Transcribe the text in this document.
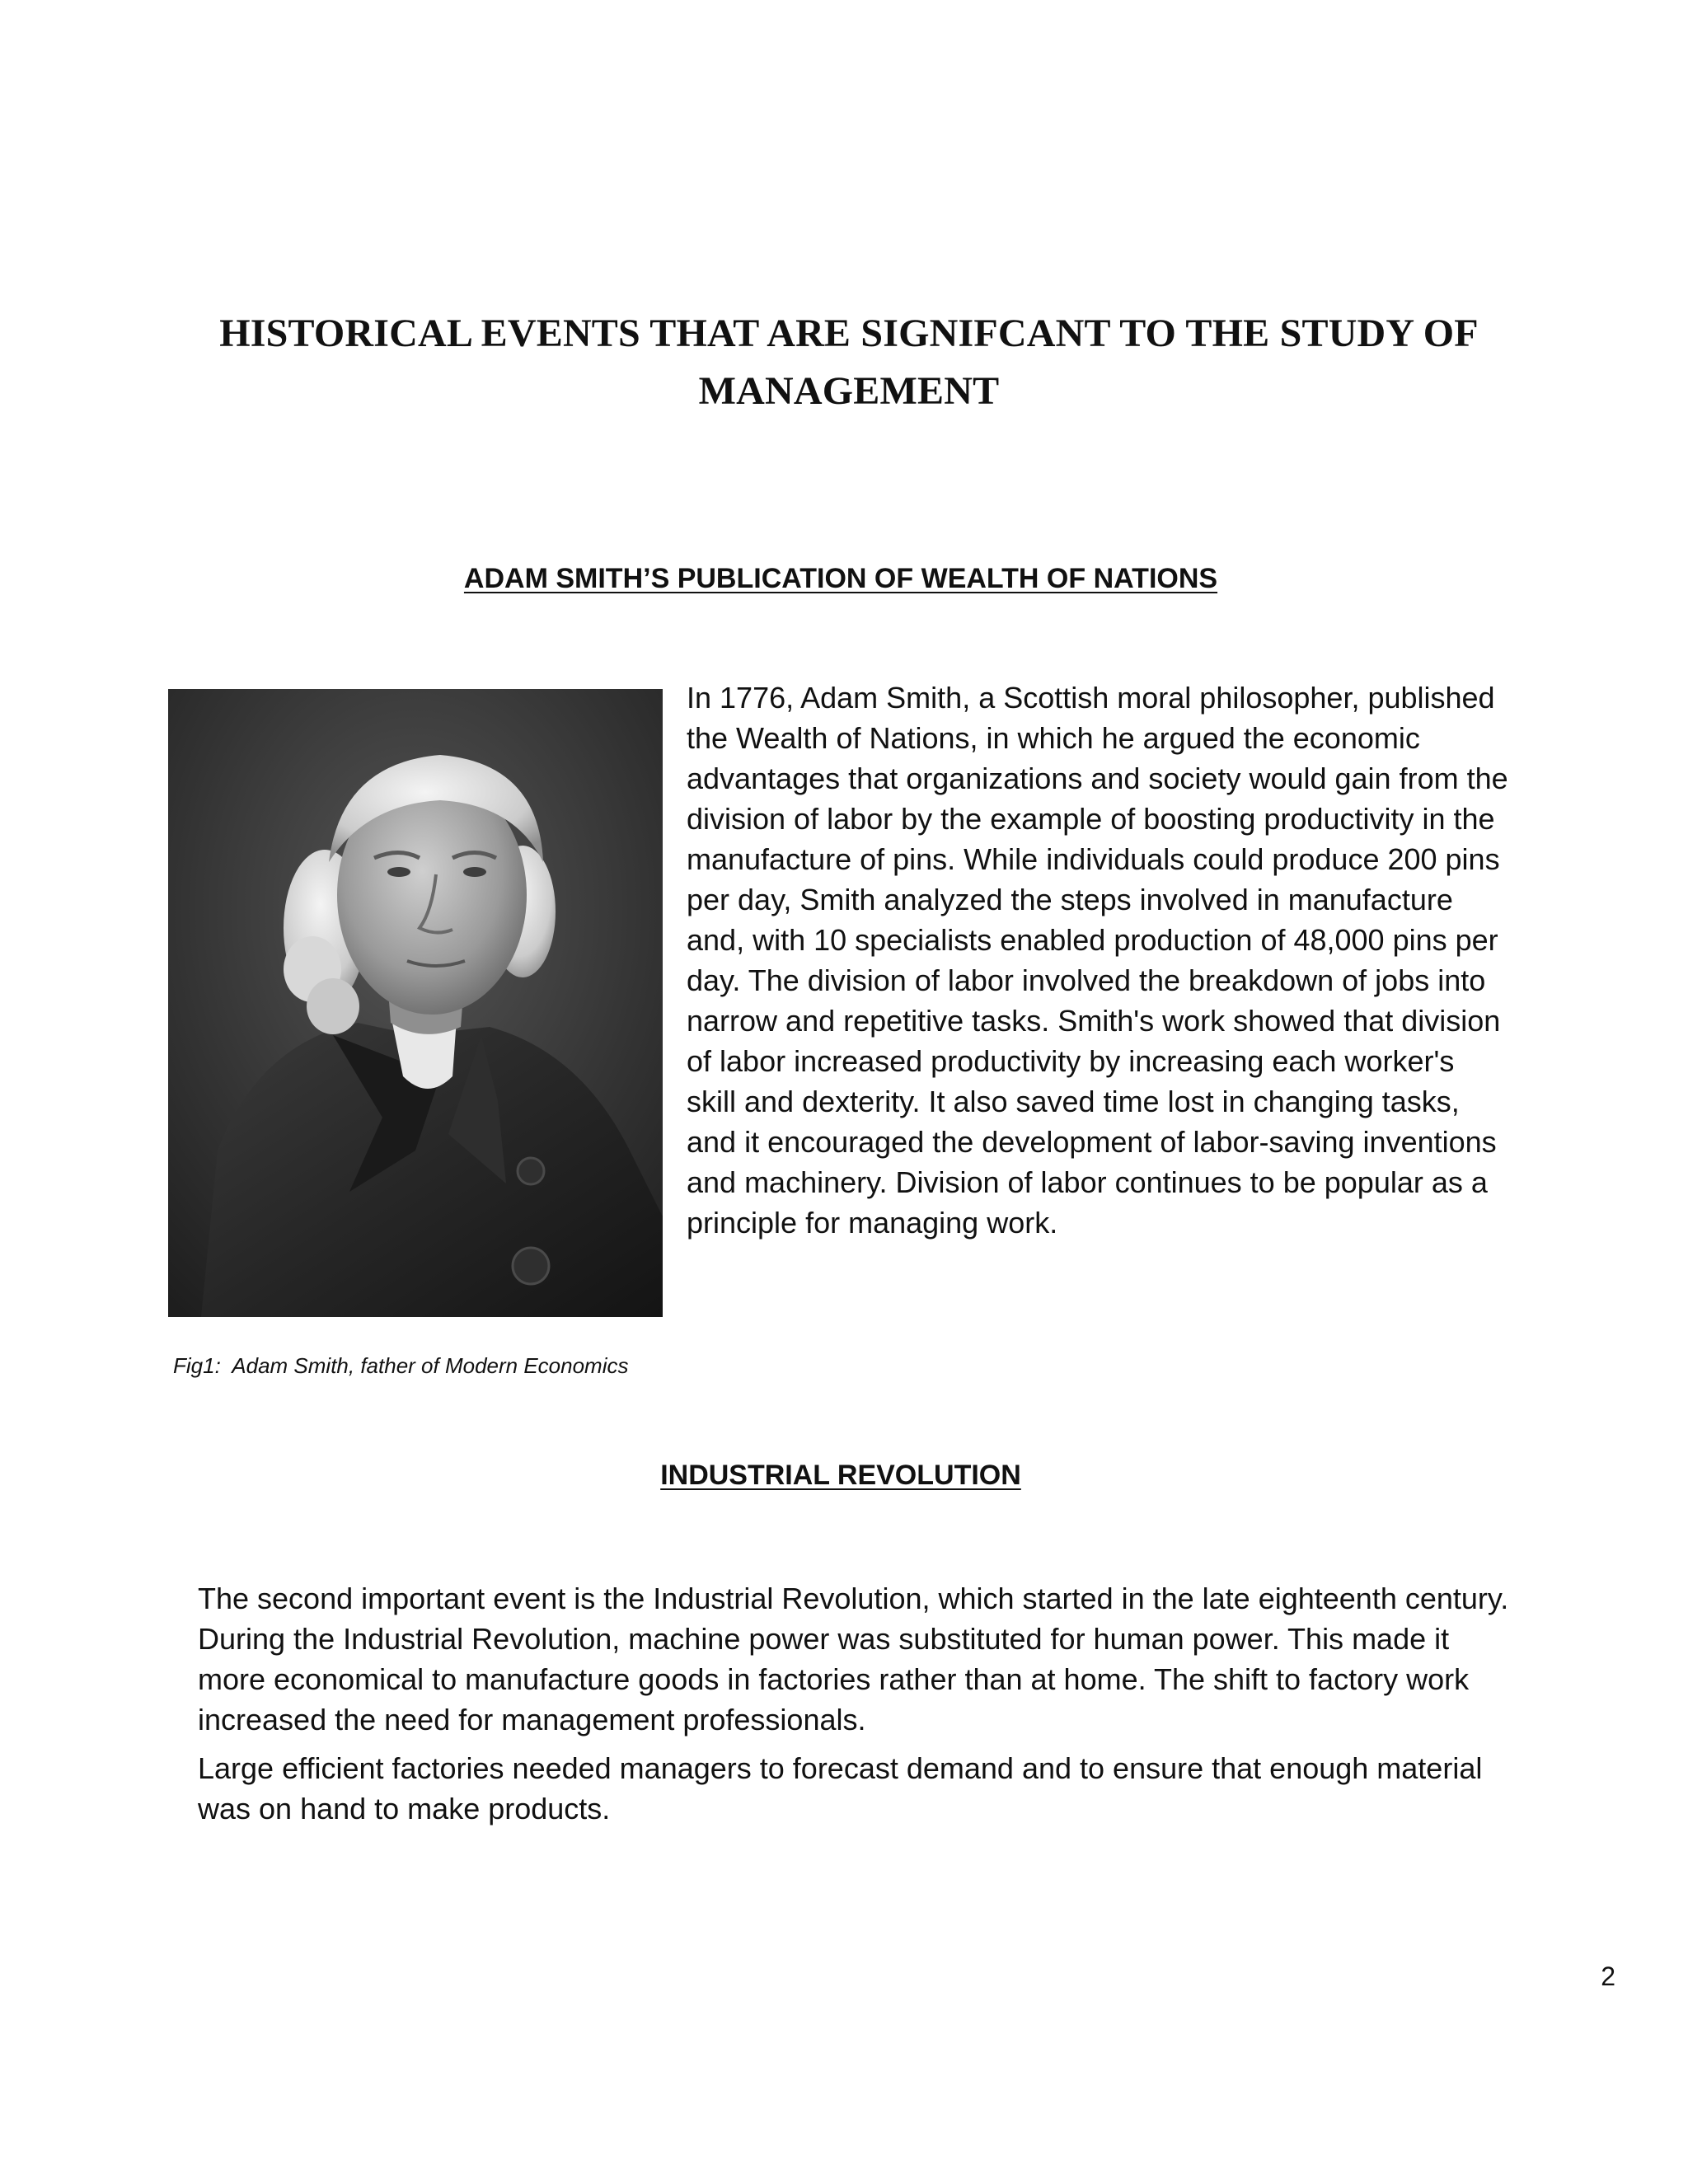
HISTORICAL EVENTS THAT ARE SIGNIFCANT TO THE STUDY OF MANAGEMENT
ADAM SMITH’S PUBLICATION OF WEALTH OF NATIONS

Fig1:  Adam Smith, father of Modern Economics

In 1776, Adam Smith, a Scottish moral philosopher, published the Wealth of Nations, in which he argued the economic advantages that organizations and society would gain from the division of labor by the example of boosting productivity in the manufacture of pins. While individuals could produce 200 pins per day, Smith analyzed the steps involved in manufacture and, with 10 specialists enabled production of 48,000 pins per day. The division of labor involved the breakdown of jobs into narrow and repetitive tasks. Smith's work showed that division of labor increased productivity by increasing each worker's skill and dexterity. It also saved time lost in changing tasks, and it encouraged the development of labor-saving inventions and machinery. Division of labor continues to be popular as a principle for managing work.

INDUSTRIAL REVOLUTION

The second important event is the Industrial Revolution, which started in the late eighteenth century. During the Industrial Revolution, machine power was substituted for human power. This made it more economical to manufacture goods in factories rather than at home. The shift to factory work increased the need for management professionals.

Large efficient factories needed managers to forecast demand and to ensure that enough material was on hand to make products.

2
